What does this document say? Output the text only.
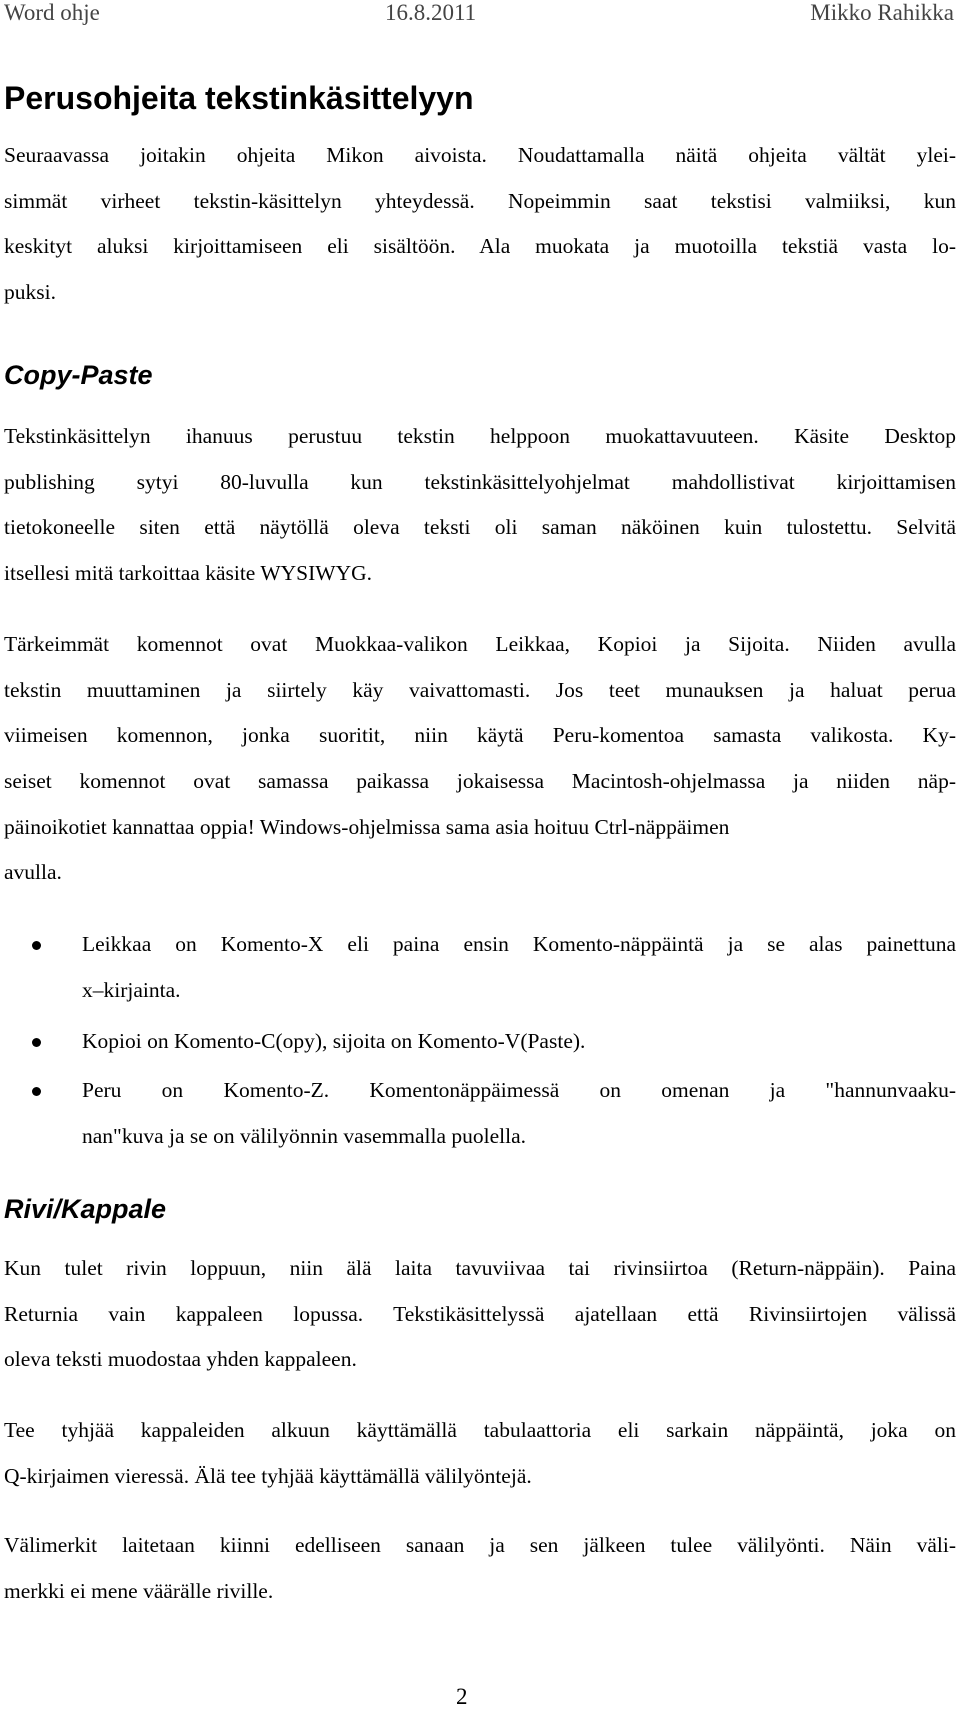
Word ohje	16.8.2011	Mikko Rahikka
Perusohjeita tekstinkäsittelyyn
Seuraavassa joitakin ohjeita Mikon aivoista. Noudattamalla näitä ohjeita vältät ylei-
simmät virheet tekstin-käsittelyn yhteydessä. Nopeimmin saat tekstisi valmiiksi, kun
keskityt aluksi kirjoittamiseen eli sisältöön. Ala muokata ja muotoilla tekstiä vasta lo-
puksi.
Copy-Paste
Tekstinkäsittelyn ihanuus perustuu tekstin helppoon muokattavuuteen. Käsite Desktop
publishing sytyi 80-luvulla kun tekstinkäsittelyohjelmat mahdollistivat kirjoittamisen
tietokoneelle siten että näytöllä oleva teksti oli saman näköinen kuin tulostettu. Selvitä
itsellesi mitä tarkoittaa käsite WYSIWYG.
Tärkeimmät komennot ovat Muokkaa-valikon Leikkaa, Kopioi ja Sijoita. Niiden avulla
tekstin muuttaminen ja siirtely käy vaivattomasti. Jos teet munauksen ja haluat perua
viimeisen komennon, jonka suoritit, niin käytä Peru-komentoa samasta valikosta. Ky-
seiset komennot ovat samassa paikassa jokaisessa Macintosh-ohjelmassa ja niiden näp-
päinoikotiet kannattaa oppia! Windows-ohjelmissa sama asia hoituu Ctrl-näppäimen
avulla.
Leikkaa on Komento-X eli paina ensin Komento-näppäintä ja se alas painettuna
x–kirjainta.
Kopioi on Komento-C(opy), sijoita on Komento-V(Paste).
Peru on Komento-Z. Komentonäppäimessä on omenan ja "hannunvaaku-
nan"kuva ja se on välilyönnin vasemmalla puolella.
Rivi/Kappale
Kun tulet rivin loppuun, niin älä laita tavuviivaa tai rivinsiirtoa (Return-näppäin). Paina
Returnia vain kappaleen lopussa. Tekstikäsittelyssä ajatellaan että Rivinsiirtojen välissä
oleva teksti muodostaa yhden kappaleen.
Tee tyhjää kappaleiden alkuun käyttämällä tabulaattoria eli sarkain näppäintä, joka on
Q-kirjaimen vieressä. Älä tee tyhjää käyttämällä välilyöntejä.
Välimerkit laitetaan kiinni edelliseen sanaan ja sen jälkeen tulee välilyönti. Näin väli-
merkki ei mene väärälle riville.
2
